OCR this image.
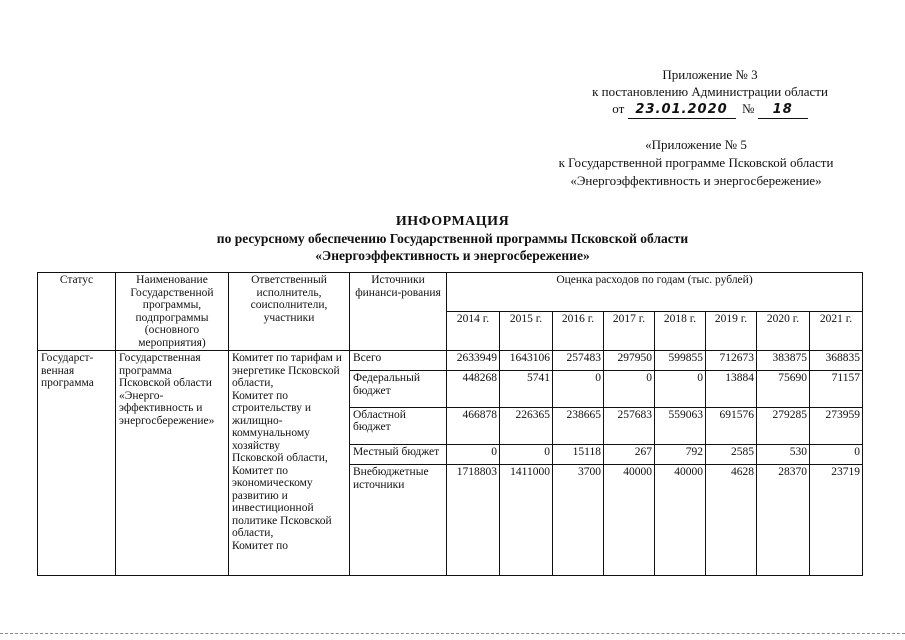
Приложение № 3
к постановлению Администрации области
от 23.01.2020 № 18
«Приложение № 5
к Государственной программе Псковской области
«Энергоэффективность и энергосбережение»
ИНФОРМАЦИЯ
по ресурсному обеспечению Государственной программы Псковской области
«Энергоэффективность и энергосбережение»
Статус	Наименование Государственной программы, подпрограммы (основного мероприятия)	Ответственный исполнитель, соисполнители, участники	Источники финанси-рования	Оценка расходов по годам (тыс. рублей)							
				2014 г.	2015 г.	2016 г.	2017 г.	2018 г.	2019 г.	2020 г.	2021 г.
Государст-венная программа	Государственная программа Псковской области «Энерго-эффективность и энергосбережение»	Комитет по тарифам и энергетике Псковской области,
Комитет по строительству и жилищно-коммунальному хозяйству
Псковской области,
Комитет по экономическому развитию и инвестиционной политике Псковской области,
Комитет по	Всего	2633949	1643106	257483	297950	599855	712673	383875	368835
			Федеральный бюджет	448268	5741	0	0	0	13884	75690	71157
			Областной бюджет	466878	226365	238665	257683	559063	691576	279285	273959
			Местный бюджет	0	0	15118	267	792	2585	530	0
			Внебюджетные источники	1718803	1411000	3700	40000	40000	4628	28370	23719
